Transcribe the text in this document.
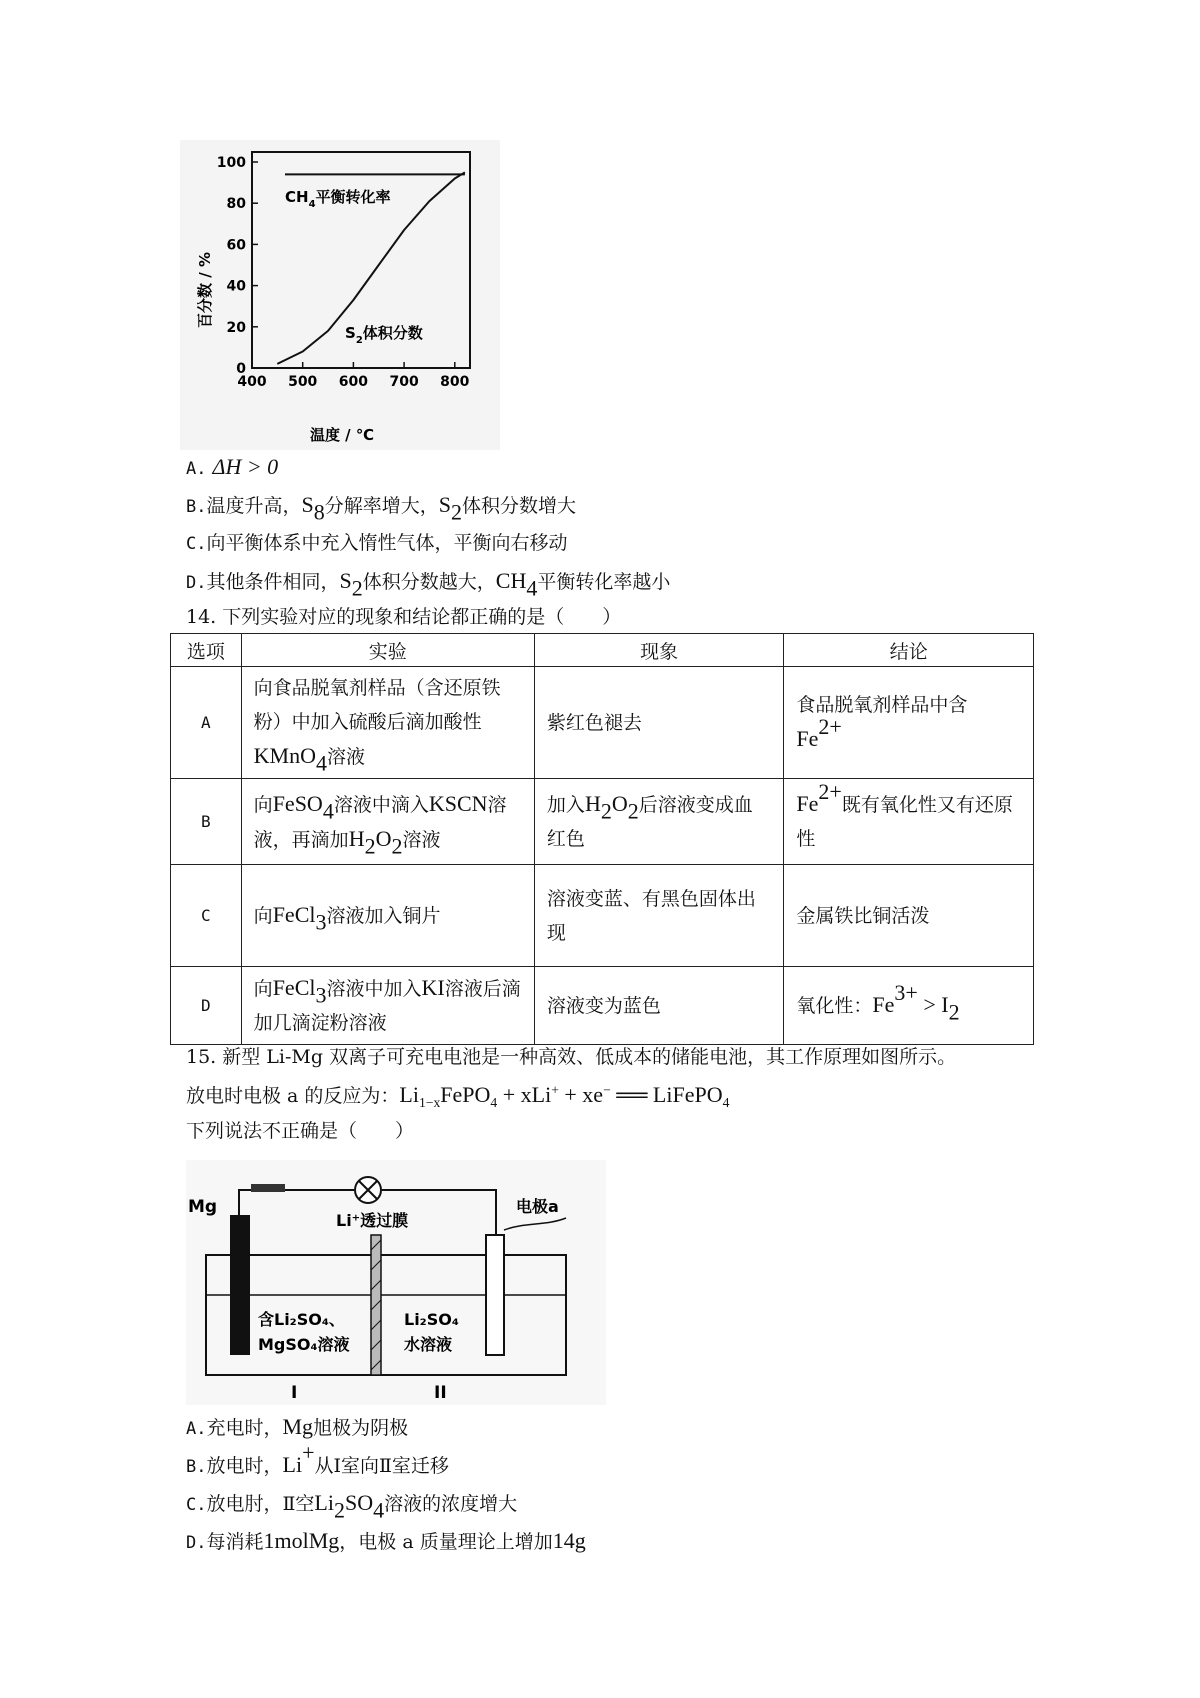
0
20
40
60
80
100
400 500 600 700 800
百分数 / %
温度 / ℃
$CH_4$平衡转化率
$S_2$体积分数
A. ΔH > 0
B.温度升高，$S_8$分解率增大，$S_2$体积分数增大
C.向平衡体系中充入惰性气体，平衡向右移动
D.其他条件相同，$S_2$体积分数越大，$CH_4$平衡转化率越小
14. 下列实验对应的现象和结论都正确的是（　　）
选项	实验	现象	结论
A	向食品脱氧剂样品（含还原铁粉）中加入硫酸后滴加酸性KMnO$_4$溶液	紫红色褪去	食品脱氧剂样品中含
$Fe^{2+}$
B	向FeSO$_4$溶液中滴入KSCN溶液，再滴加$H_2O_2$溶液	加入$H_2O_2$后溶液变成血红色	$Fe^{2+}$既有氧化性又有还原性
C	向FeCl$_3$溶液加入铜片	溶液变蓝、有黑色固体出现	金属铁比铜活泼
D	向FeCl$_3$溶液中加入KI溶液后滴加几滴淀粉溶液	溶液变为蓝色	氧化性：$Fe^{3+} > I_2$
15. 新型 Li-Mg 双离子可充电电池是一种高效、低成本的储能电池，其工作原理如图所示。
放电时电极 a 的反应为：$Li_{1-x}FePO_4 + xLi^+ + xe^-$ ══ LiFePO$_4$
下列说法不正确是（　　）
Mg
Li⁺透过膜
电极a
含Li₂SO₄、
MgSO₄溶液
Li₂SO₄
水溶液
I	II
A.充电时，Mg旭极为阴极
B.放电时，Li+从Ⅰ室向Ⅱ室迁移
C.放电肘，Ⅱ空$Li_2SO_4$溶液的浓度增大
D.每消耗1molMg，电极 a 质量理论上增加14g
